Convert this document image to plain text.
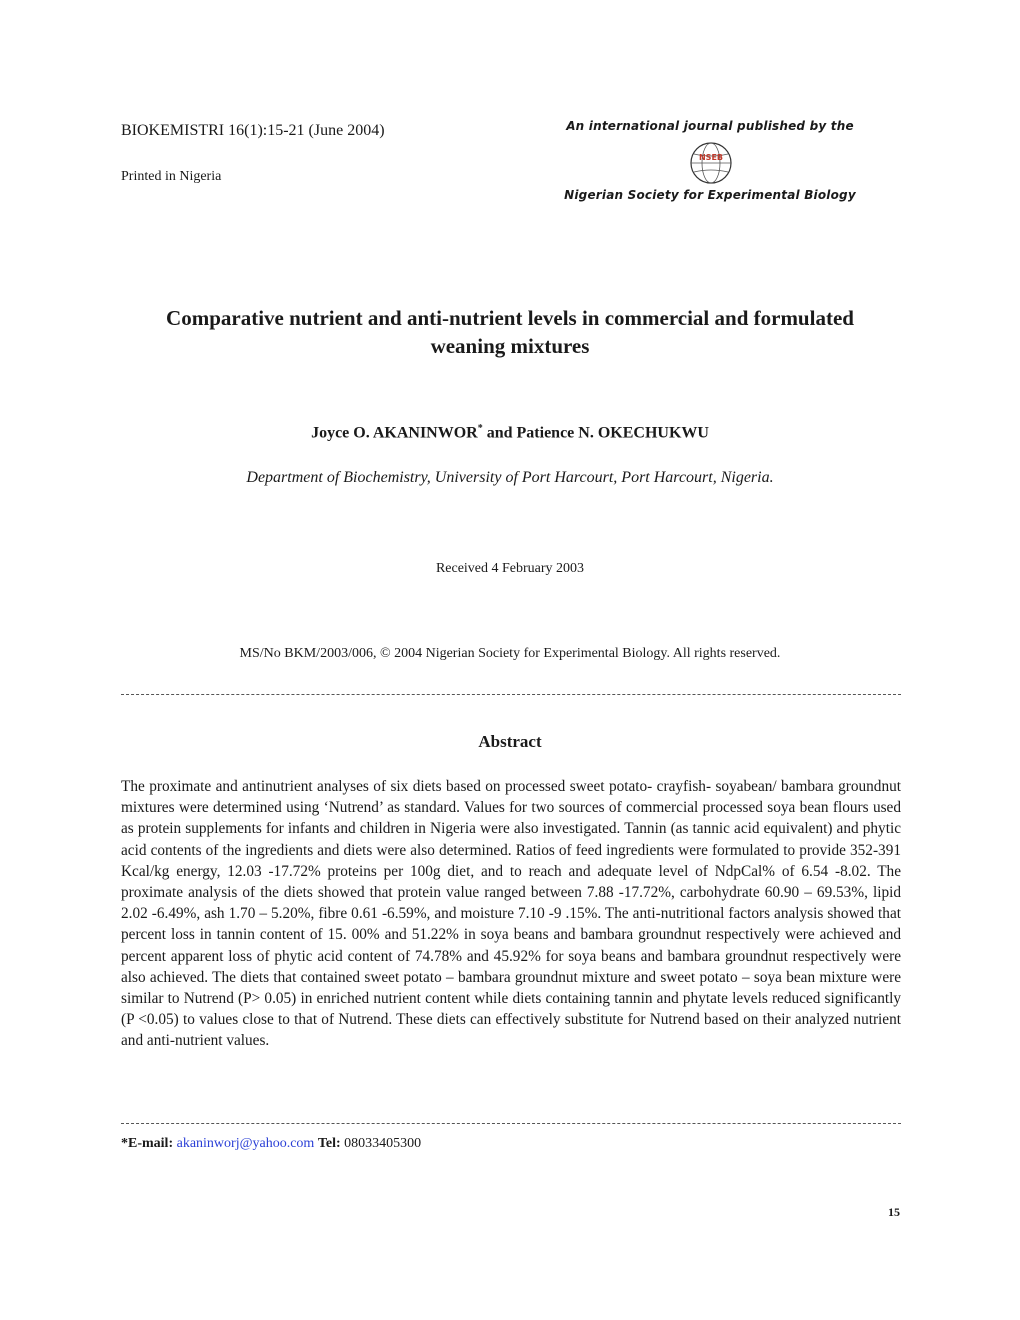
BIOKEMISTRI 16(1):15-21 (June 2004)
Printed in Nigeria
An international journal published by the
NSEB
Nigerian Society for Experimental Biology
Comparative nutrient and anti-nutrient levels in commercial and formulated
weaning mixtures
Joyce O. AKANINWOR* and Patience N. OKECHUKWU
Department of Biochemistry, University of Port Harcourt, Port Harcourt, Nigeria.
Received 4 February 2003
MS/No BKM/2003/006, © 2004 Nigerian Society for Experimental Biology. All rights reserved.
Abstract

The proximate and antinutrient analyses of six diets based on processed sweet potato- crayfish- soyabean/ bambara groundnut mixtures were determined using ‘Nutrend’ as standard. Values for two sources of commercial processed soya bean flours used as protein supplements for infants and children in Nigeria were also investigated. Tannin (as tannic acid equivalent) and phytic acid contents of the ingredients and diets were also determined. Ratios of feed ingredients were formulated to provide 352-391 Kcal/kg energy, 12.03 -17.72% proteins per 100g diet, and to reach and adequate level of NdpCal% of 6.54 -8.02. The proximate analysis of the diets showed that protein value ranged between 7.88 -17.72%, carbohydrate 60.90 – 69.53%, lipid 2.02 -6.49%, ash 1.70 – 5.20%, fibre 0.61 -6.59%, and moisture 7.10 -9 .15%. The anti-nutritional factors analysis showed that percent loss in tannin content of 15. 00% and 51.22% in soya beans and bambara groundnut respectively were achieved and percent apparent loss of phytic acid content of 74.78% and 45.92% for soya beans and bambara groundnut respectively were also achieved. The diets that contained sweet potato – bambara groundnut mixture and sweet potato – soya bean mixture were similar to Nutrend (P> 0.05) in enriched nutrient content while diets containing tannin and phytate levels reduced significantly (P <0.05) to values close to that of Nutrend. These diets can effectively substitute for Nutrend based on their analyzed nutrient and anti-nutrient values.

*E-mail: akaninworj@yahoo.com Tel: 08033405300
15
